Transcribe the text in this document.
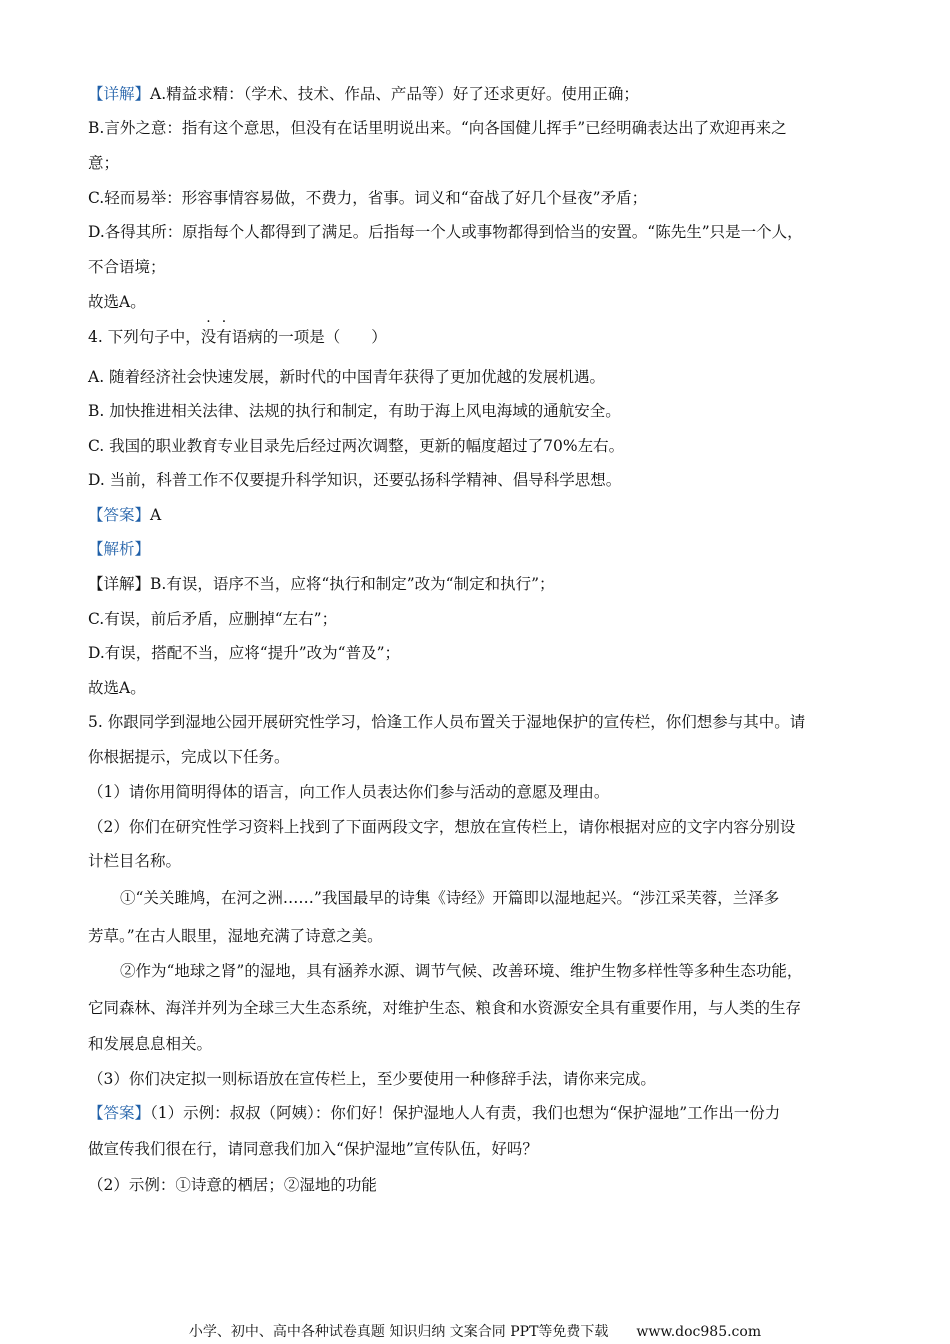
【详解】A.精益求精：（学术、技术、作品、产品等）好了还求更好。使用正确；
B.言外之意：指有这个意思，但没有在话里明说出来。“向各国健儿挥手”已经明确表达出了欢迎再来之
意；
C.轻而易举：形容事情容易做，不费力，省事。词义和“奋战了好几个昼夜”矛盾；
D.各得其所：原指每个人都得到了满足。后指每一个人或事物都得到恰当的安置。“陈先生”只是一个人，
不合语境；
故选A。
4. 下列句子中，没有语病的一项是（　　）
A. 随着经济社会快速发展，新时代的中国青年获得了更加优越的发展机遇。
B. 加快推进相关法律、法规的执行和制定，有助于海上风电海域的通航安全。
C. 我国的职业教育专业目录先后经过两次调整，更新的幅度超过了70%左右。
D. 当前，科普工作不仅要提升科学知识，还要弘扬科学精神、倡导科学思想。
【答案】A
【解析】
【详解】B.有误，语序不当，应将“执行和制定”改为“制定和执行”；
C.有误，前后矛盾，应删掉“左右”；
D.有误，搭配不当，应将“提升”改为“普及”；
故选A。
5. 你跟同学到湿地公园开展研究性学习，恰逢工作人员布置关于湿地保护的宣传栏，你们想参与其中。请
你根据提示，完成以下任务。
（1）请你用简明得体的语言，向工作人员表达你们参与活动的意愿及理由。
（2）你们在研究性学习资料上找到了下面两段文字，想放在宣传栏上，请你根据对应的文字内容分别设
计栏目名称。
①“关关雎鸠，在河之洲……”我国最早的诗集《诗经》开篇即以湿地起兴。“涉江采芙蓉，兰泽多
芳草。”在古人眼里，湿地充满了诗意之美。
②作为“地球之肾”的湿地，具有涵养水源、调节气候、改善环境、维护生物多样性等多种生态功能，
它同森林、海洋并列为全球三大生态系统，对维护生态、粮食和水资源安全具有重要作用，与人类的生存
和发展息息相关。
（3）你们决定拟一则标语放在宣传栏上，至少要使用一种修辞手法，请你来完成。
【答案】（1）示例：叔叔（阿姨）：你们好！保护湿地人人有责，我们也想为“保护湿地”工作出一份力
做宣传我们很在行，请同意我们加入“保护湿地”宣传队伍，好吗？
（2）示例：①诗意的栖居；②湿地的功能
小学、初中、高中各种试卷真题 知识归纳 文案合同 PPT等免费下载　　www.doc985.com
